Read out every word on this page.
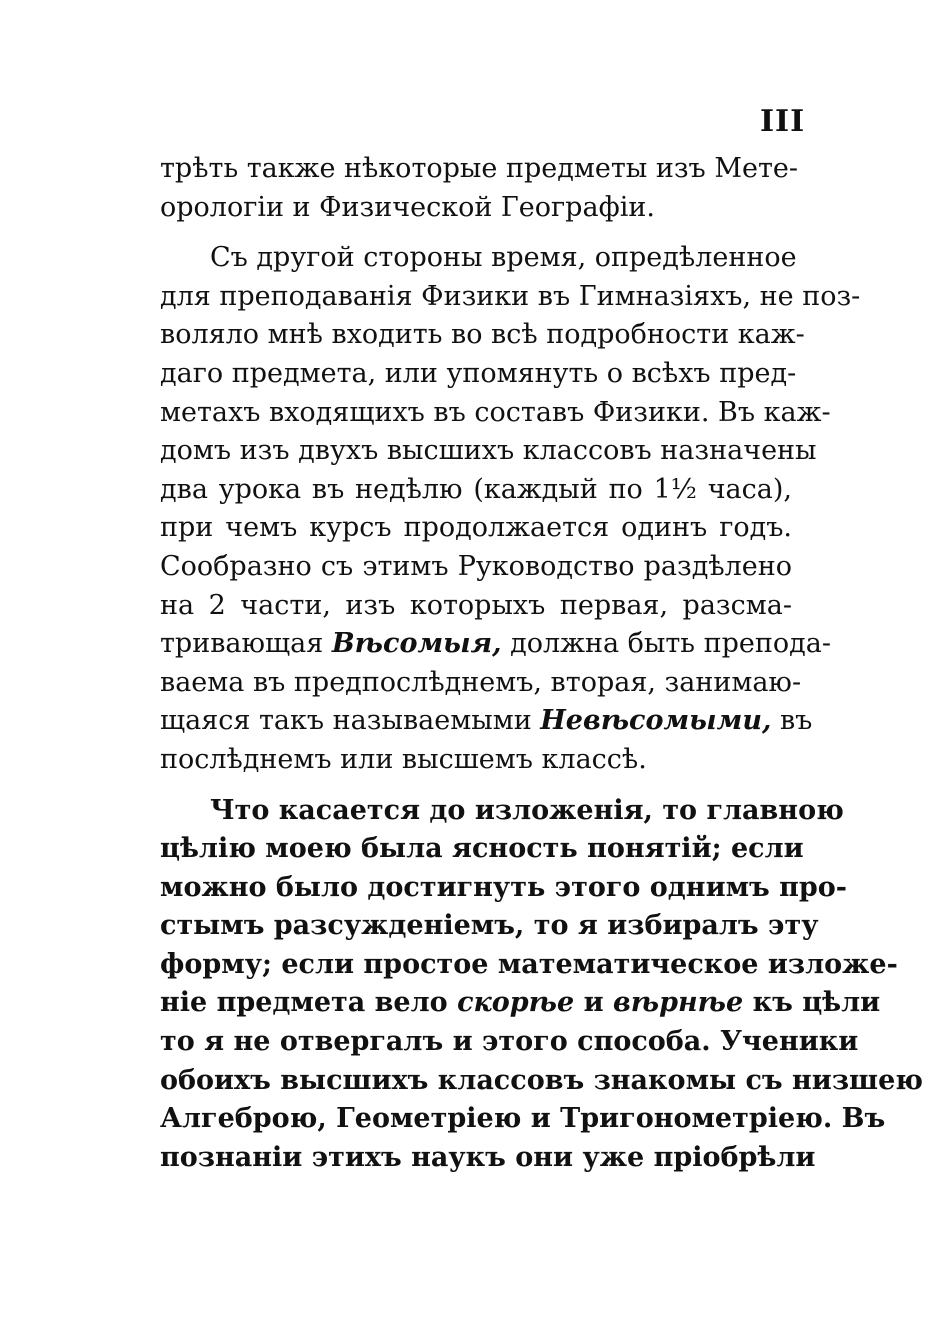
III
трѣть также нѣкоторые предметы изъ Мете-
орологіи и Физической Географіи.
Съ другой стороны время, опредѣленное
для преподаванія Физики въ Гимназіяхъ, не поз-
воляло мнѣ входить во всѣ подробности каж-
даго предмета, или упомянуть о всѣхъ пред-
метахъ входящихъ въ составъ Физики. Въ каж-
домъ изъ двухъ высшихъ классовъ назначены
два урока въ недѣлю (каждый по 1½ часа),
при чемъ курсъ продолжается одинъ годъ.
Сообразно съ этимъ Руководство раздѣлено
на 2 части, изъ которыхъ первая, разсма-
тривающая Вѣсомыя, должна быть препода-
ваема въ предпослѣднемъ, вторая, занимаю-
щаяся такъ называемыми Невѣсомыми, въ
послѣднемъ или высшемъ классѣ.
Что касается до изложенія, то главною
цѣлію моею была ясность понятій; если
можно было достигнуть этого однимъ про-
стымъ разсужденіемъ, то я избиралъ эту
форму; если простое математическое изложе-
ніе предмета вело скорѣе и вѣрнѣе къ цѣли
то я не отвергалъ и этого способа. Ученики
обоихъ высшихъ классовъ знакомы съ низшею
Алгеброю, Геометріею и Тригонометріею. Въ
познаніи этихъ наукъ они уже пріобрѣли
